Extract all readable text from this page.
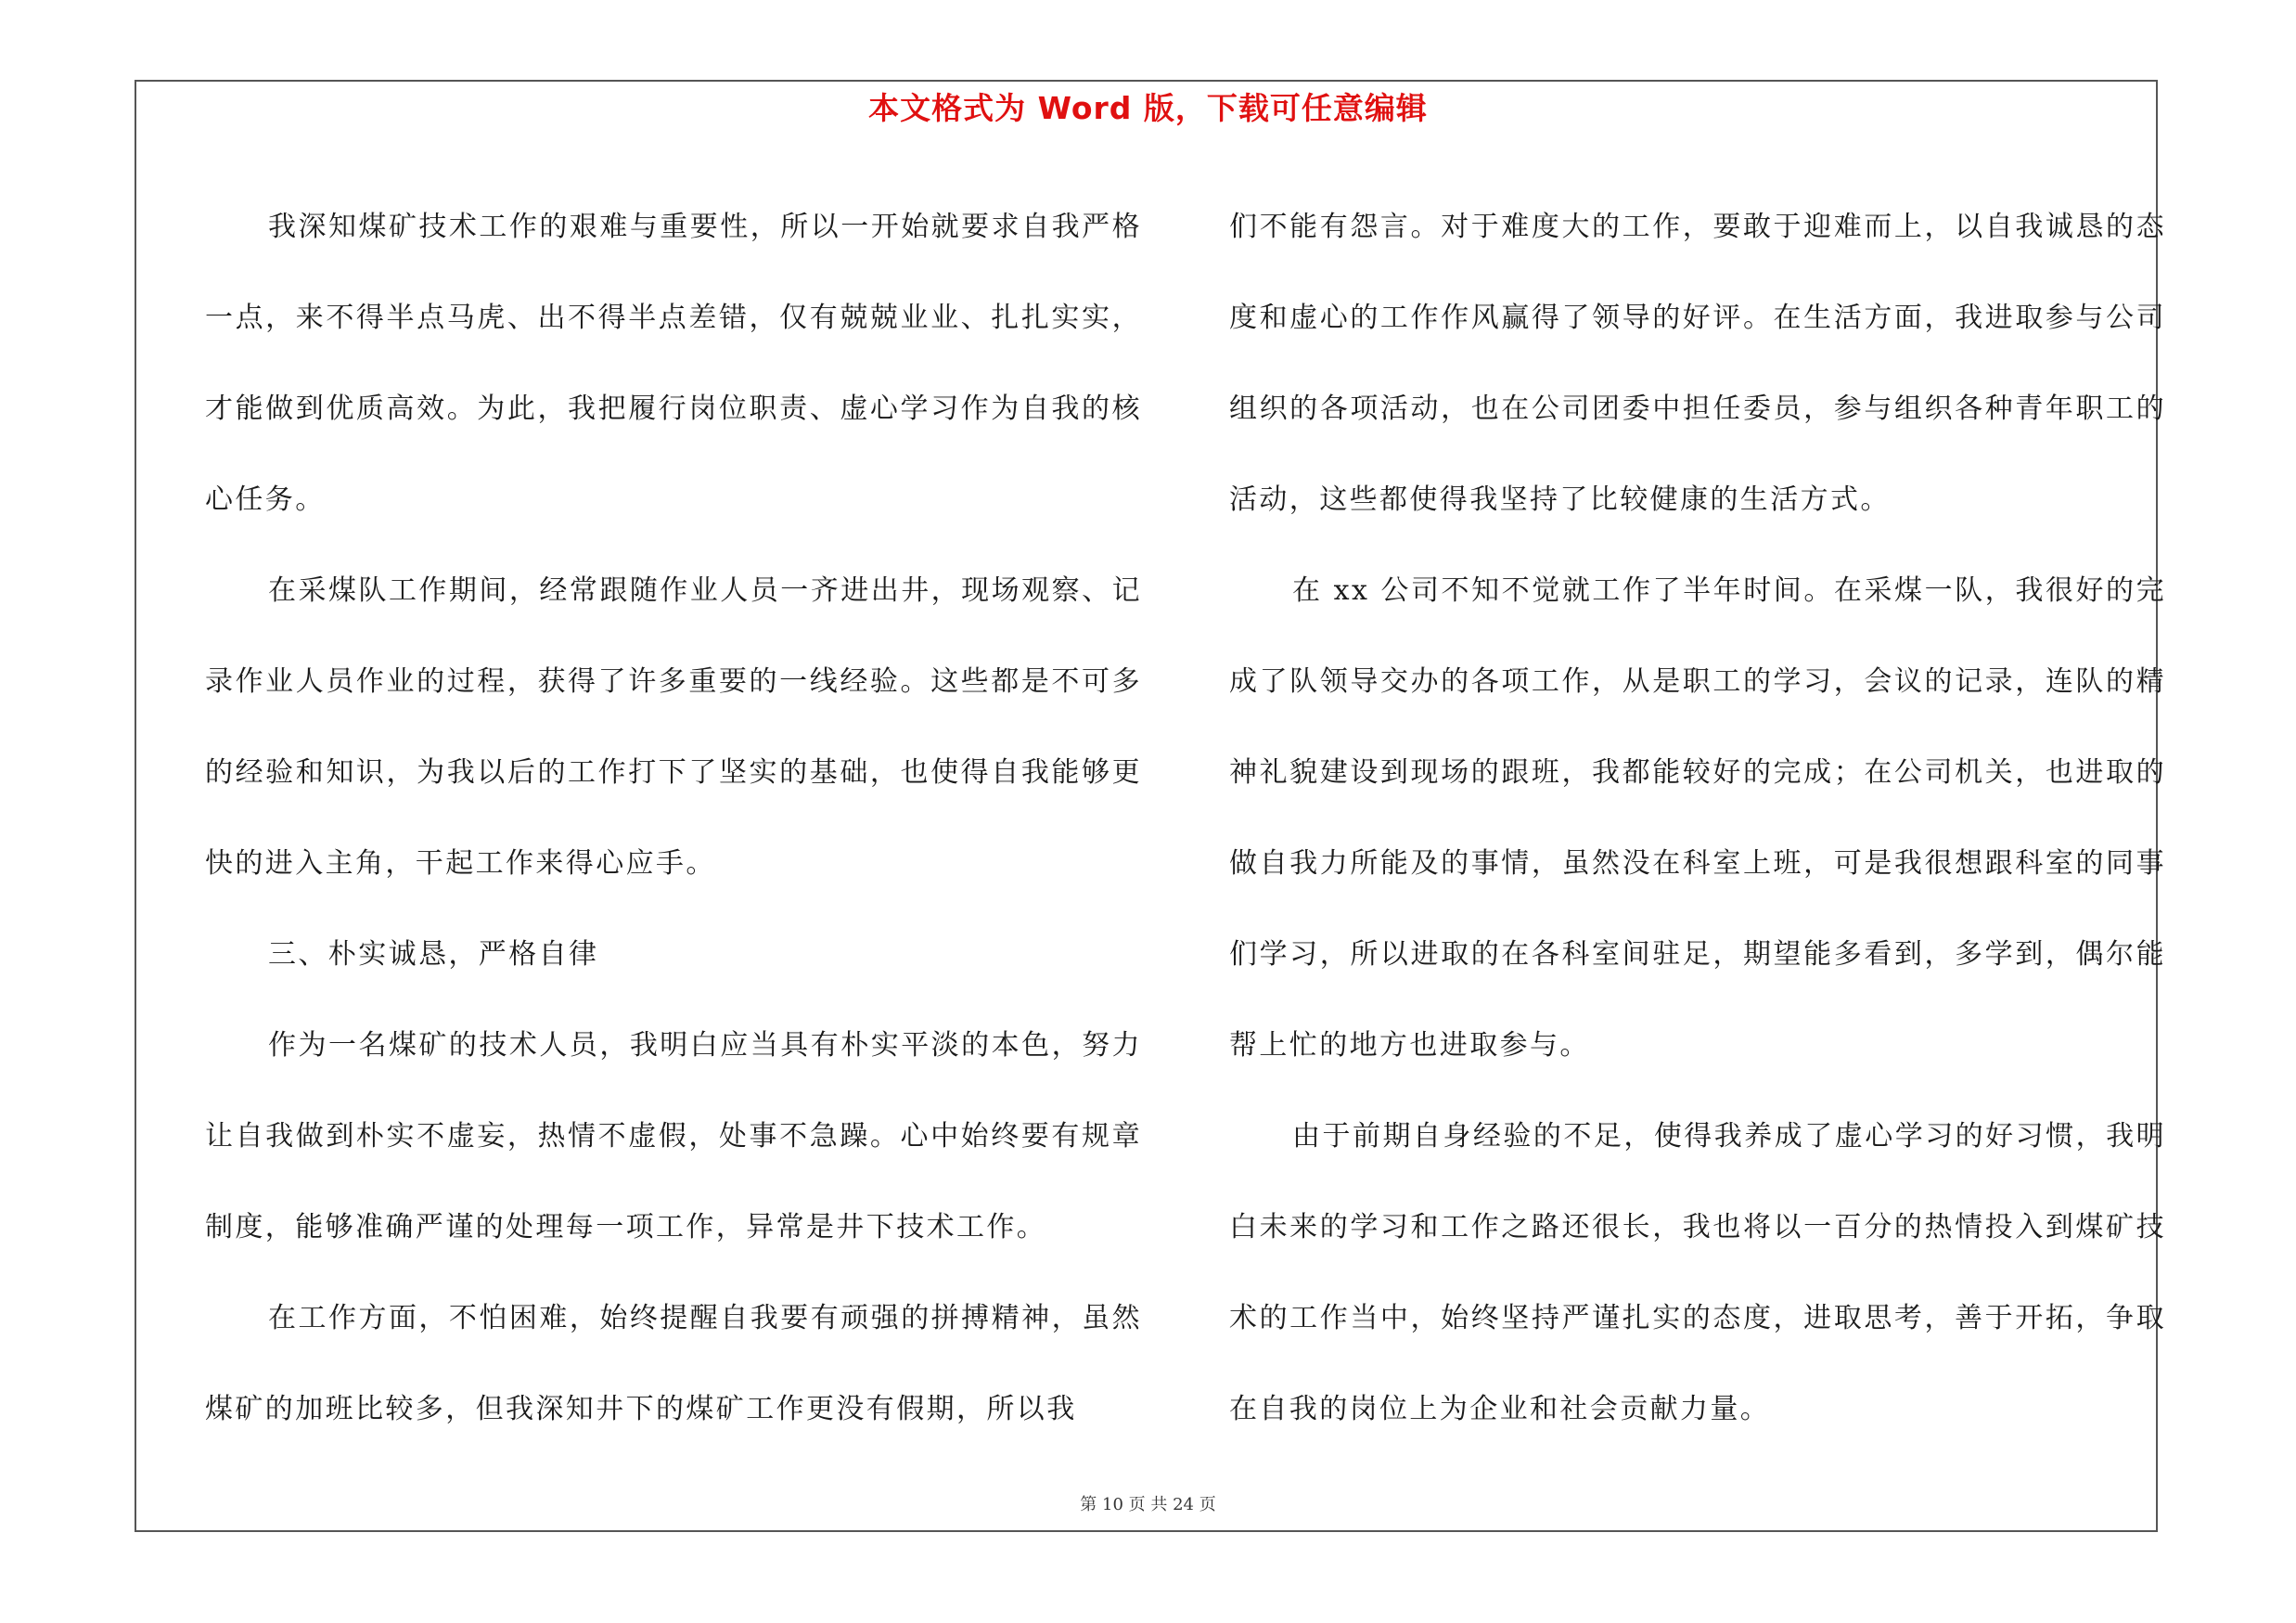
本文格式为 Word 版，下载可任意编辑

我深知煤矿技术工作的艰难与重要性，所以一开始就要求自我严格一点，来不得半点马虎、出不得半点差错，仅有兢兢业业、扎扎实实，才能做到优质高效。为此，我把履行岗位职责、虚心学习作为自我的核心任务。

在采煤队工作期间，经常跟随作业人员一齐进出井，现场观察、记录作业人员作业的过程，获得了许多重要的一线经验。这些都是不可多的经验和知识，为我以后的工作打下了坚实的基础，也使得自我能够更快的进入主角，干起工作来得心应手。

三、朴实诚恳，严格自律

作为一名煤矿的技术人员，我明白应当具有朴实平淡的本色，努力让自我做到朴实不虚妄，热情不虚假，处事不急躁。心中始终要有规章制度，能够准确严谨的处理每一项工作，异常是井下技术工作。

在工作方面，不怕困难，始终提醒自我要有顽强的拼搏精神，虽然煤矿的加班比较多，但我深知井下的煤矿工作更没有假期，所以我

们不能有怨言。对于难度大的工作，要敢于迎难而上，以自我诚恳的态度和虚心的工作作风赢得了领导的好评。在生活方面，我进取参与公司组织的各项活动，也在公司团委中担任委员，参与组织各种青年职工的活动，这些都使得我坚持了比较健康的生活方式。

在 xx 公司不知不觉就工作了半年时间。在采煤一队，我很好的完成了队领导交办的各项工作，从是职工的学习，会议的记录，连队的精神礼貌建设到现场的跟班，我都能较好的完成；在公司机关，也进取的做自我力所能及的事情，虽然没在科室上班，可是我很想跟科室的同事们学习，所以进取的在各科室间驻足，期望能多看到，多学到，偶尔能帮上忙的地方也进取参与。

由于前期自身经验的不足，使得我养成了虚心学习的好习惯，我明白未来的学习和工作之路还很长，我也将以一百分的热情投入到煤矿技术的工作当中，始终坚持严谨扎实的态度，进取思考，善于开拓，争取在自我的岗位上为企业和社会贡献力量。

第 10 页 共 24 页
